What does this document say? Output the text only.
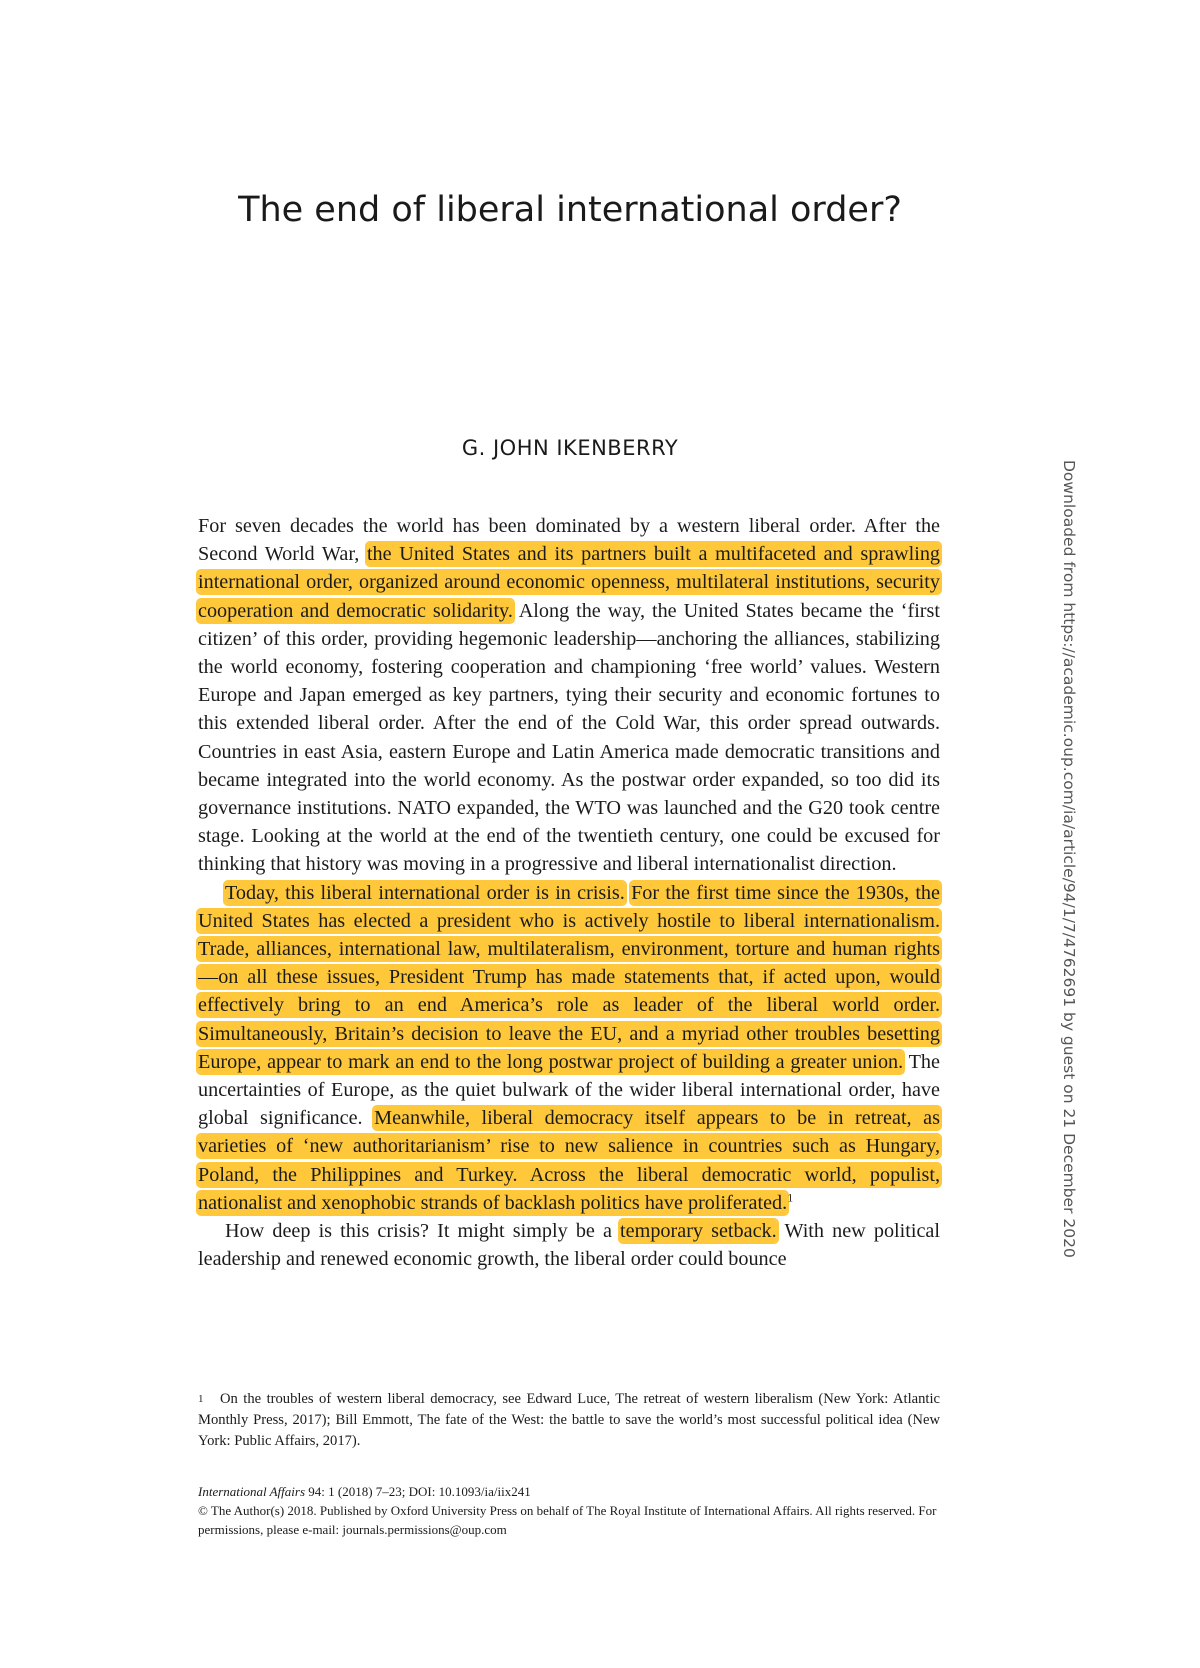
The end of liberal international order?
G. JOHN IKENBERRY

For seven decades the world has been dominated by a western liberal order. After the Second World War, the United States and its partners built a multifaceted and sprawling international order, organized around economic openness, multilateral institutions, security cooperation and democratic solidarity. Along the way, the United States became the ‘first citizen’ of this order, providing hegemonic leadership—anchoring the alliances, stabilizing the world economy, fostering cooperation and championing ‘free world’ values. Western Europe and Japan emerged as key partners, tying their security and economic fortunes to this extended liberal order. After the end of the Cold War, this order spread outwards. Countries in east Asia, eastern Europe and Latin America made democratic transitions and became integrated into the world economy. As the postwar order expanded, so too did its governance institutions. NATO expanded, the WTO was launched and the G20 took centre stage. Looking at the world at the end of the twentieth century, one could be excused for thinking that history was moving in a progressive and liberal internationalist direction.

Today, this liberal international order is in crisis. For the first time since the 1930s, the United States has elected a president who is actively hostile to liberal internationalism. Trade, alliances, international law, multilateralism, environment, torture and human rights—on all these issues, President Trump has made statements that, if acted upon, would effectively bring to an end America’s role as leader of the liberal world order. Simultaneously, Britain’s decision to leave the EU, and a myriad other troubles besetting Europe, appear to mark an end to the long postwar project of building a greater union. The uncertainties of Europe, as the quiet bulwark of the wider liberal international order, have global significance. Meanwhile, liberal democracy itself appears to be in retreat, as varieties of ‘new authoritarianism’ rise to new salience in countries such as Hungary, Poland, the Philippines and Turkey. Across the liberal democratic world, populist, nationalist and xenophobic strands of backlash politics have proliferated.$^1$

How deep is this crisis? It might simply be a temporary setback. With new political leadership and renewed economic growth, the liberal order could bounce

1	On the troubles of western liberal democracy, see Edward Luce, The retreat of western liberalism (New York: Atlantic Monthly Press, 2017); Bill Emmott, The fate of the West: the battle to save the world’s most successful political idea (New York: Public Affairs, 2017).
International Affairs 94: 1 (2018) 7–23; DOI: 10.1093/ia/iix241
© The Author(s) 2018. Published by Oxford University Press on behalf of The Royal Institute of International Affairs. All rights reserved. For permissions, please e-mail: journals.permissions@oup.com
Downloaded from https://academic.oup.com/ia/article/94/1/7/4762691 by guest on 21 December 2020
